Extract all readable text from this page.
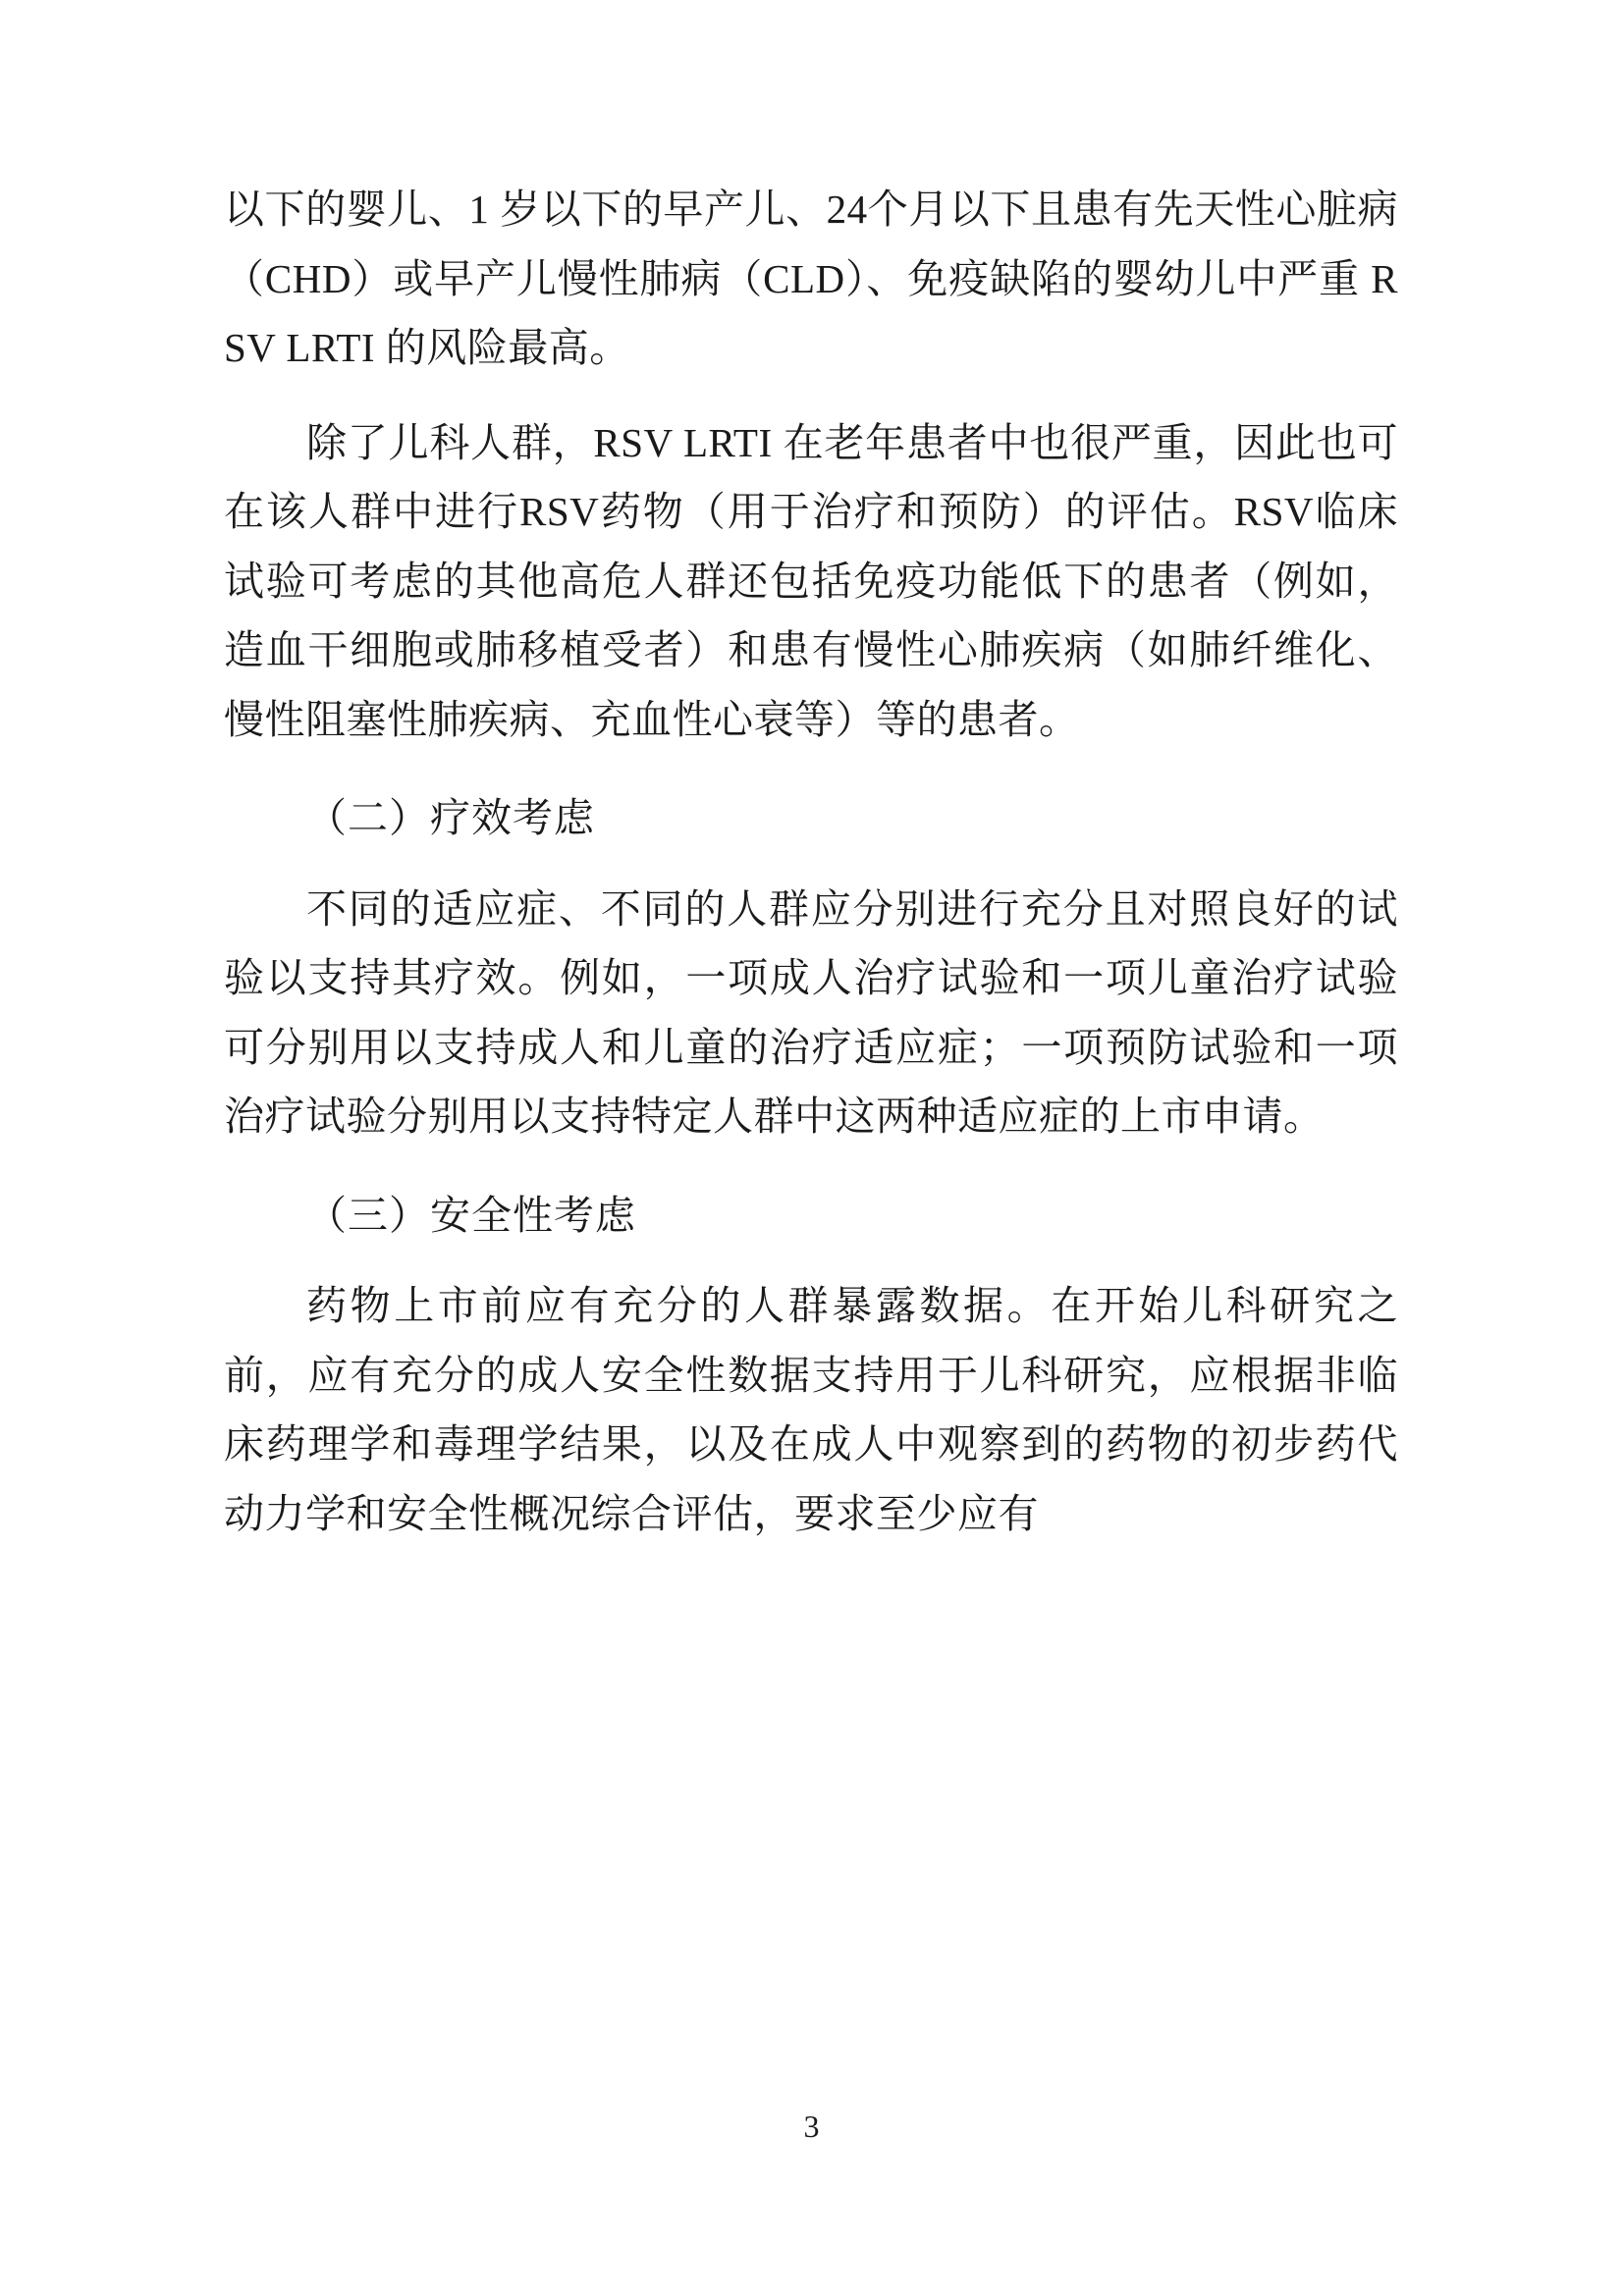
以下的婴儿、1 岁以下的早产儿、24个月以下且患有先天性心脏病（CHD）或早产儿慢性肺病（CLD）、免疫缺陷的婴幼儿中严重 RSV LRTI 的风险最高。

除了儿科人群，RSV LRTI 在老年患者中也很严重，因此也可在该人群中进行RSV药物（用于治疗和预防）的评估。RSV临床试验可考虑的其他高危人群还包括免疫功能低下的患者（例如，造血干细胞或肺移植受者）和患有慢性心肺疾病（如肺纤维化、慢性阻塞性肺疾病、充血性心衰等）等的患者。

（二）疗效考虑

不同的适应症、不同的人群应分别进行充分且对照良好的试验以支持其疗效。例如，一项成人治疗试验和一项儿童治疗试验可分别用以支持成人和儿童的治疗适应症；一项预防试验和一项治疗试验分别用以支持特定人群中这两种适应症的上市申请。

（三）安全性考虑

药物上市前应有充分的人群暴露数据。在开始儿科研究之前，应有充分的成人安全性数据支持用于儿科研究，应根据非临床药理学和毒理学结果，以及在成人中观察到的药物的初步药代动力学和安全性概况综合评估，要求至少应有

3
